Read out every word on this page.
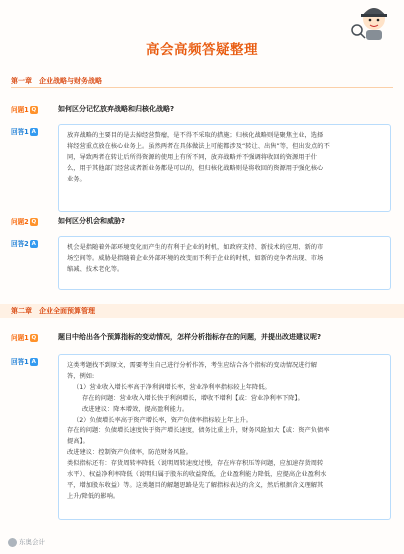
高会高频答疑整理
第一章　企业战略与财务战略
问题1 Q	如何区分记忆放弃战略和归核化战略?
回答1 A	放弃战略的主要目的是去掉经营赘瘤，是不得不采取的措施；归核化战略则是聚焦主业，选择

将经营重点放在核心业务上。虽然两者在具体做法上可能都涉及“转让、出售”等，但出发点的不

同，导致两者在转让后所得资源的使用上有所不同，放弃战略并不强调将收回的资源用于什

么，用于其他部门经营或者新业务都是可以的，但归核化战略则是将收回的资源用于强化核心

业务。

问题2 Q	如何区分机会和威胁?
回答2 A	机会是指随着外部环境变化而产生的有利于企业的时机，如政府支持、新技术的应用、新的市

场空间等。威胁是指随着企业外部环境的改变而不利于企业的时机，如新的竞争者出现、市场

缩减、技术老化等。

第二章　企业全面预算管理
问题1 Q	题目中给出各个预算指标的变动情况，怎样分析指标存在的问题，并提出改进建议呢?
回答1 A	这类考题找不到原文，需要考生自己进行分析作答，考生应结合各个指标的变动情况进行解

答，例如:

（1）营业收入增长率高于净利润增长率，营业净利率指标较上年降低。

存在的问题：营业收入增长快于利润增长，增收不增利【或：营业净利率下降】。

改进建议：降本增效，提高盈利能力。

（2）负债增长率高于资产增长率，资产负债率指标较上年上升。

存在的问题：负债增长速度快于资产增长速度，债务比重上升，财务风险加大【或：资产负债率

提高】。

改进建议：控制资产负债率，防范财务风险。

类似指标还有：存货周转率降低（说明周转速度过慢，存在库存积压等问题，应加速存货周转

水平）、权益净利率降低（说明归属于股东的收益降低，企业盈利能力降低，应提高企业盈利水

平，增加股东收益）等。这类题目的解题思路是先了解指标表达的含义，然后根据含义理解其

上升/降低的影响。

东奥会计
